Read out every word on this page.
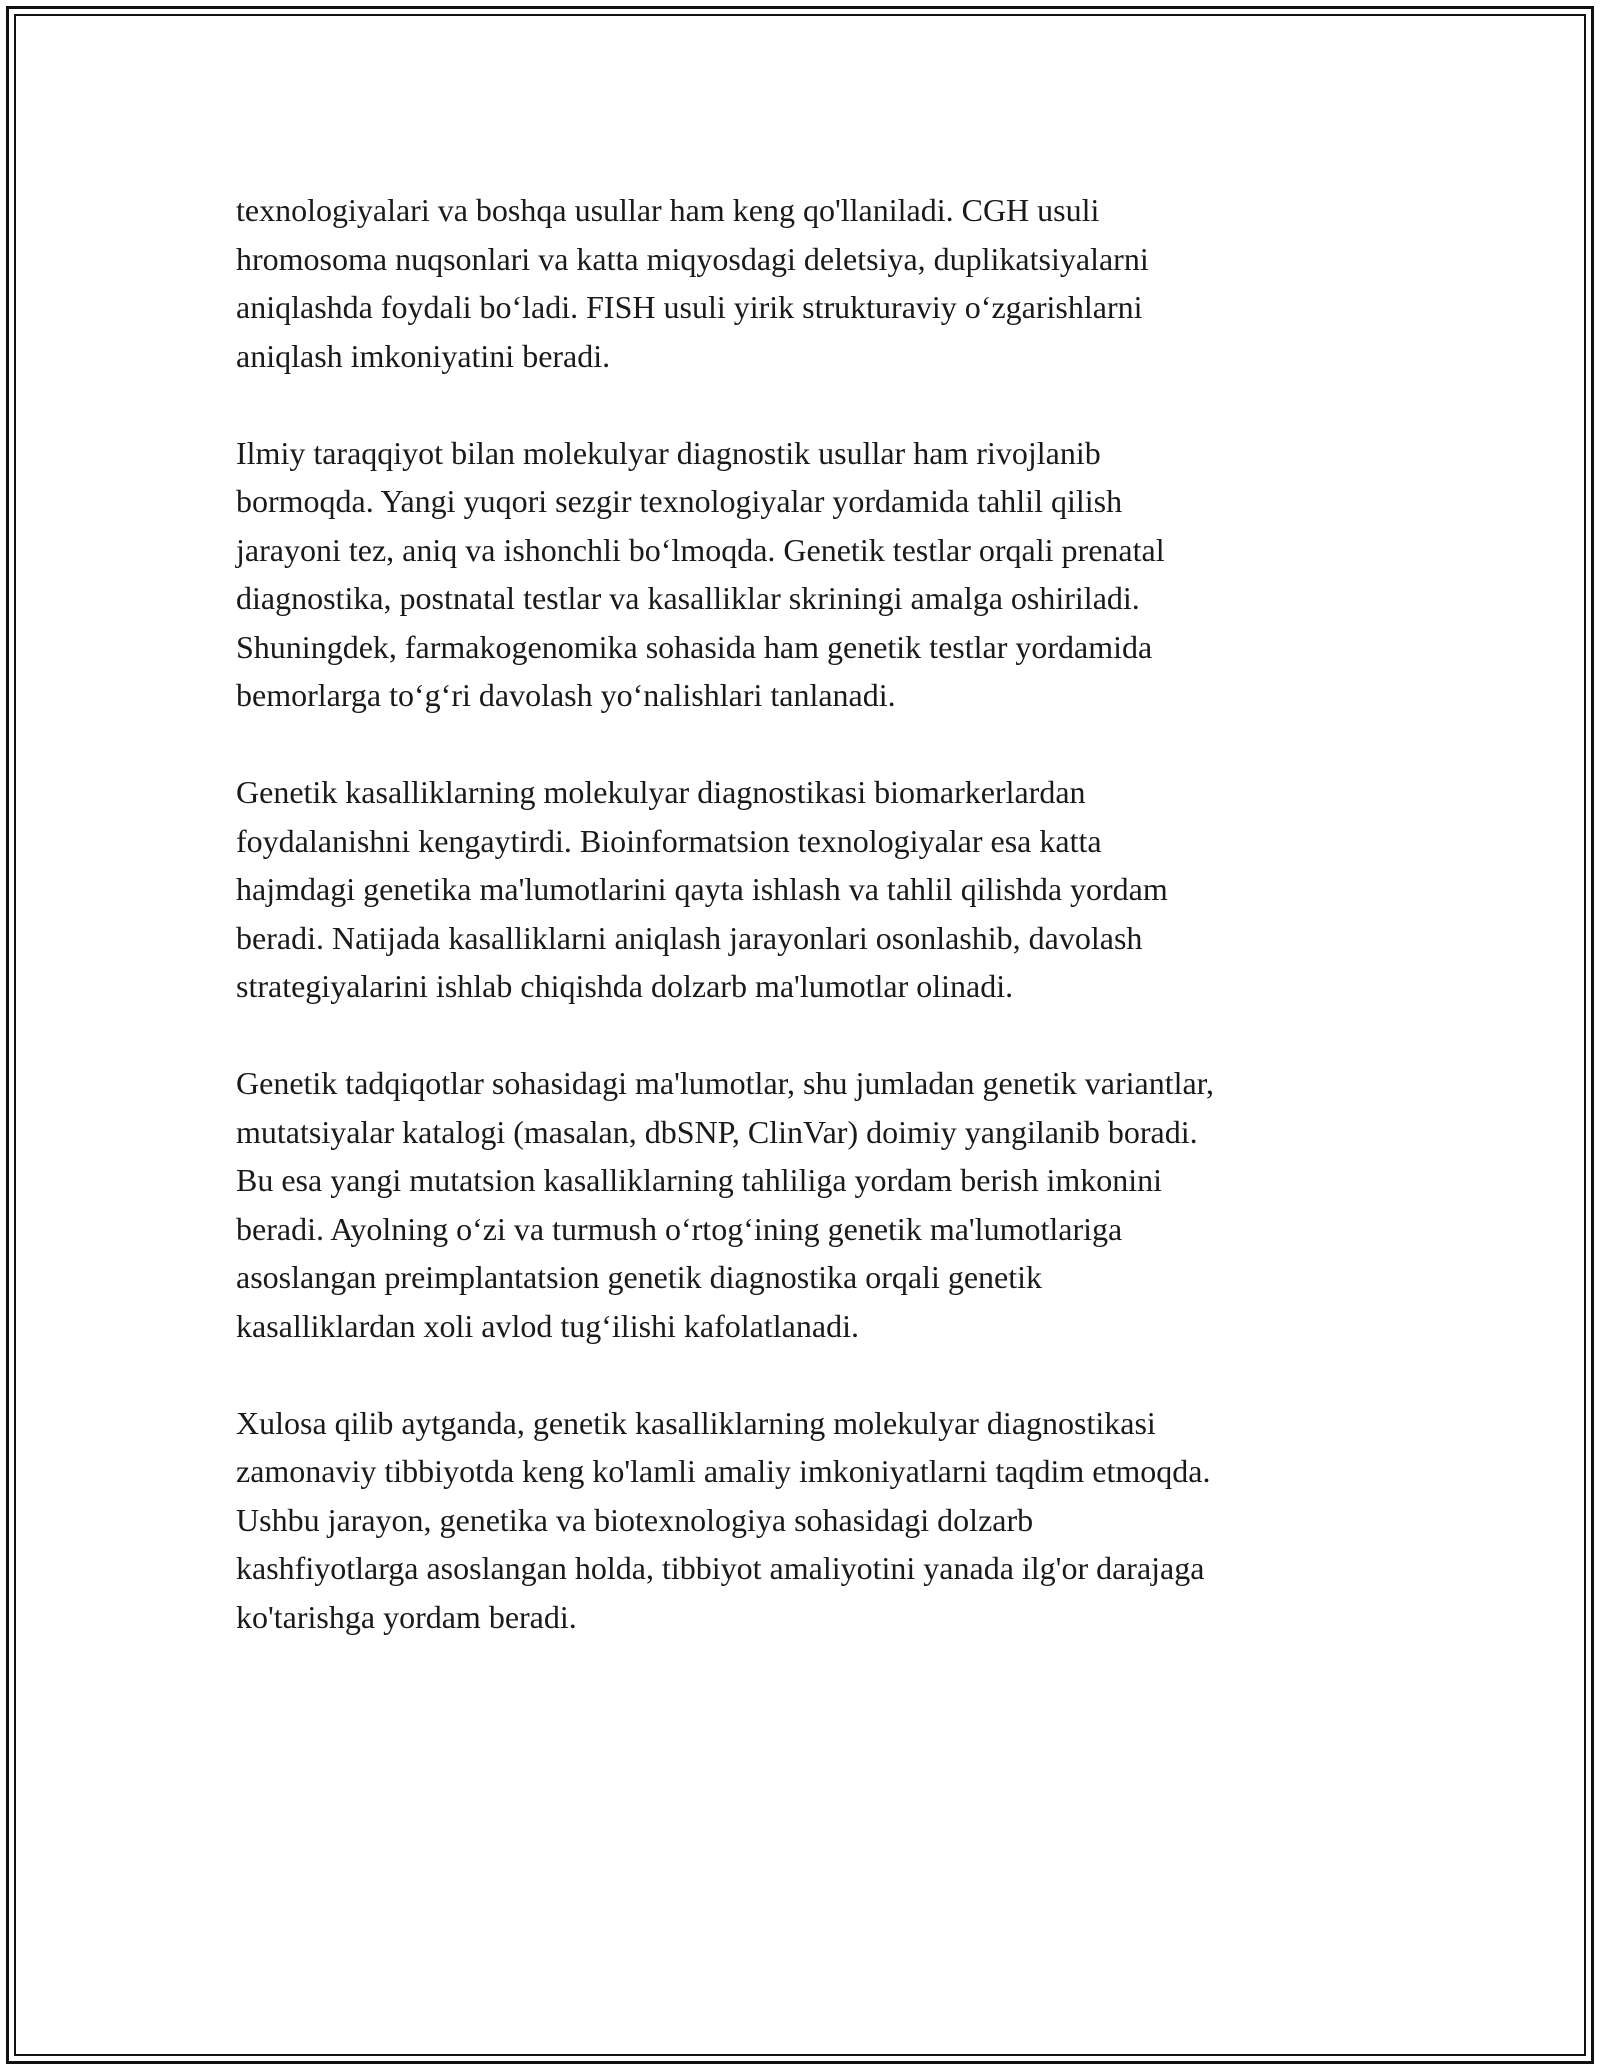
texnologiyalari va boshqa usullar ham keng qo'llaniladi. CGH usuli
hromosoma nuqsonlari va katta miqyosdagi deletsiya, duplikatsiyalarni
aniqlashda foydali bo‘ladi. FISH usuli yirik strukturaviy o‘zgarishlarni
aniqlash imkoniyatini beradi.

Ilmiy taraqqiyot bilan molekulyar diagnostik usullar ham rivojlanib
bormoqda. Yangi yuqori sezgir texnologiyalar yordamida tahlil qilish
jarayoni tez, aniq va ishonchli bo‘lmoqda. Genetik testlar orqali prenatal
diagnostika, postnatal testlar va kasalliklar skriningi amalga oshiriladi.
Shuningdek, farmakogenomika sohasida ham genetik testlar yordamida
bemorlarga to‘g‘ri davolash yo‘nalishlari tanlanadi.

Genetik kasalliklarning molekulyar diagnostikasi biomarkerlardan
foydalanishni kengaytirdi. Bioinformatsion texnologiyalar esa katta
hajmdagi genetika ma'lumotlarini qayta ishlash va tahlil qilishda yordam
beradi. Natijada kasalliklarni aniqlash jarayonlari osonlashib, davolash
strategiyalarini ishlab chiqishda dolzarb ma'lumotlar olinadi.

Genetik tadqiqotlar sohasidagi ma'lumotlar, shu jumladan genetik variantlar,
mutatsiyalar katalogi (masalan, dbSNP, ClinVar) doimiy yangilanib boradi.
Bu esa yangi mutatsion kasalliklarning tahliliga yordam berish imkonini
beradi. Ayolning o‘zi va turmush o‘rtog‘ining genetik ma'lumotlariga
asoslangan preimplantatsion genetik diagnostika orqali genetik
kasalliklardan xoli avlod tug‘ilishi kafolatlanadi.

Xulosa qilib aytganda, genetik kasalliklarning molekulyar diagnostikasi
zamonaviy tibbiyotda keng ko'lamli amaliy imkoniyatlarni taqdim etmoqda.
Ushbu jarayon, genetika va biotexnologiya sohasidagi dolzarb
kashfiyotlarga asoslangan holda, tibbiyot amaliyotini yanada ilg'or darajaga
ko'tarishga yordam beradi.
